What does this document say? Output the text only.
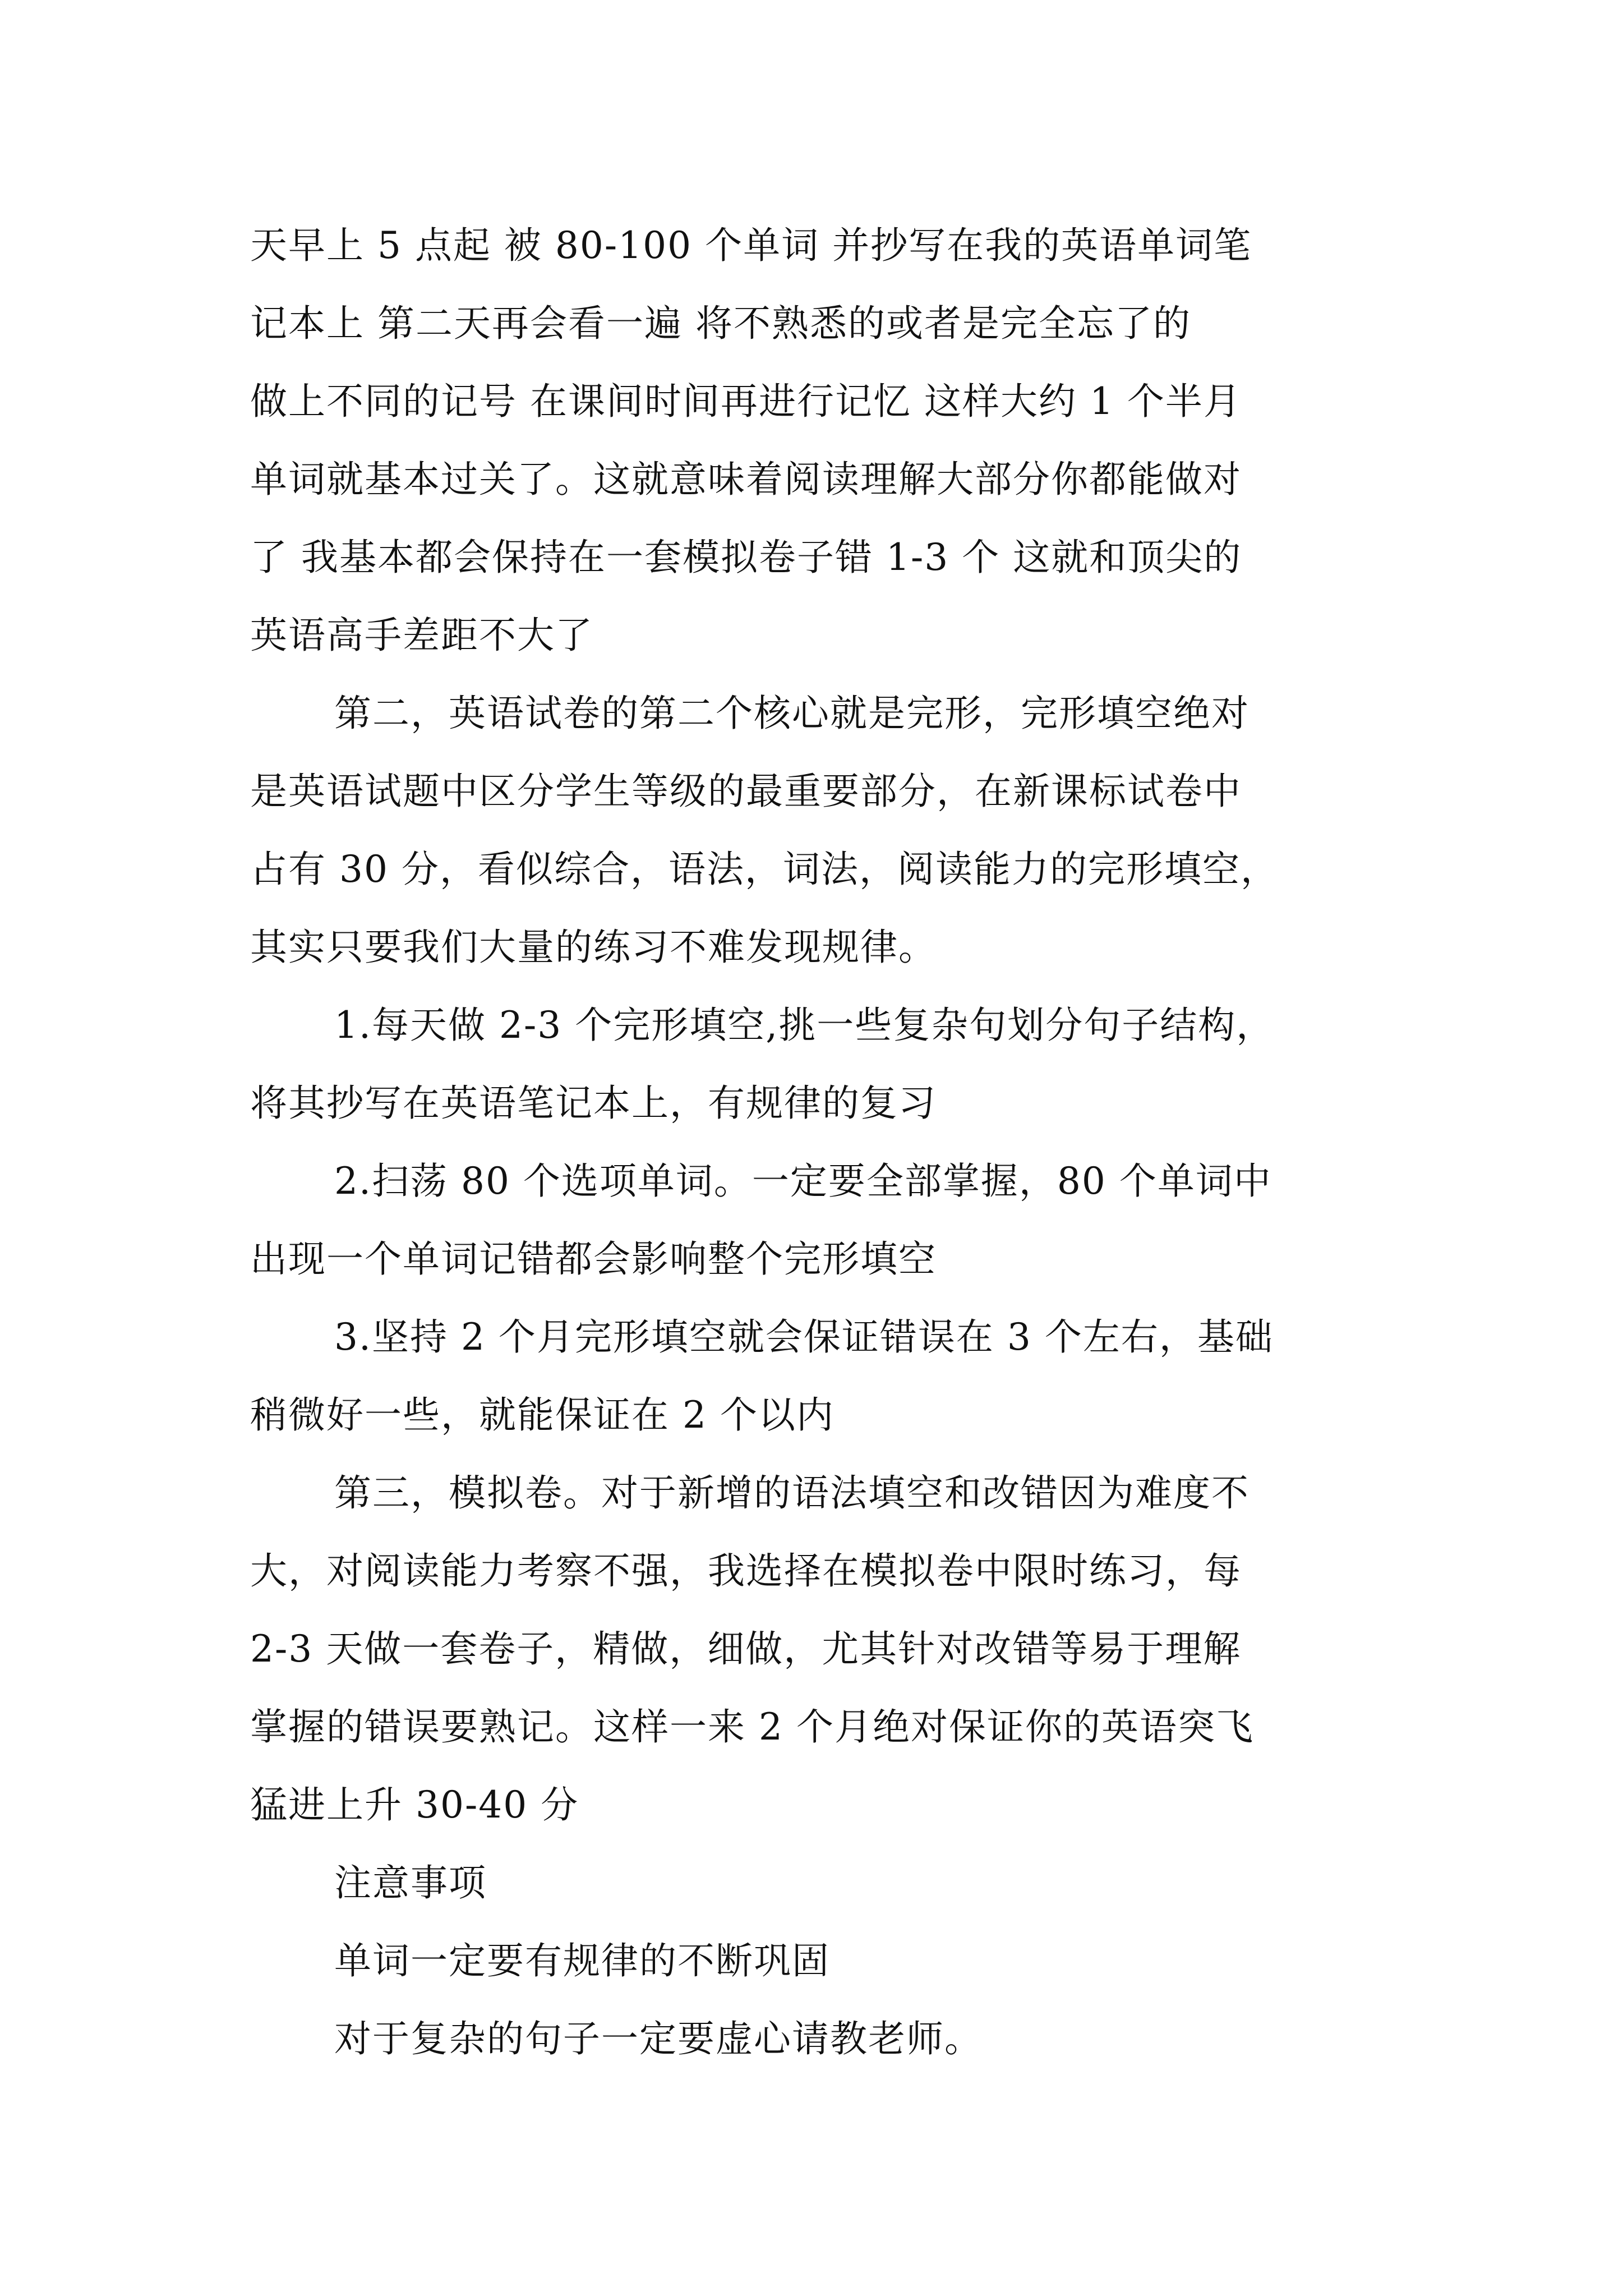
天早上 5 点起 被 80-100 个单词 并抄写在我的英语单词笔
记本上 第二天再会看一遍 将不熟悉的或者是完全忘了的
做上不同的记号 在课间时间再进行记忆 这样大约 1 个半月
单词就基本过关了。这就意味着阅读理解大部分你都能做对
了 我基本都会保持在一套模拟卷子错 1-3 个 这就和顶尖的
英语高手差距不大了
第二，英语试卷的第二个核心就是完形，完形填空绝对
是英语试题中区分学生等级的最重要部分，在新课标试卷中
占有 30 分，看似综合，语法，词法，阅读能力的完形填空，
其实只要我们大量的练习不难发现规律。
1.每天做 2-3 个完形填空,挑一些复杂句划分句子结构，
将其抄写在英语笔记本上，有规律的复习
2.扫荡 80 个选项单词。一定要全部掌握，80 个单词中
出现一个单词记错都会影响整个完形填空
3.坚持 2 个月完形填空就会保证错误在 3 个左右，基础
稍微好一些，就能保证在 2 个以内
第三，模拟卷。对于新增的语法填空和改错因为难度不
大，对阅读能力考察不强，我选择在模拟卷中限时练习，每
2-3 天做一套卷子，精做，细做，尤其针对改错等易于理解
掌握的错误要熟记。这样一来 2 个月绝对保证你的英语突飞
猛进上升 30-40 分
注意事项
单词一定要有规律的不断巩固
对于复杂的句子一定要虚心请教老师。
